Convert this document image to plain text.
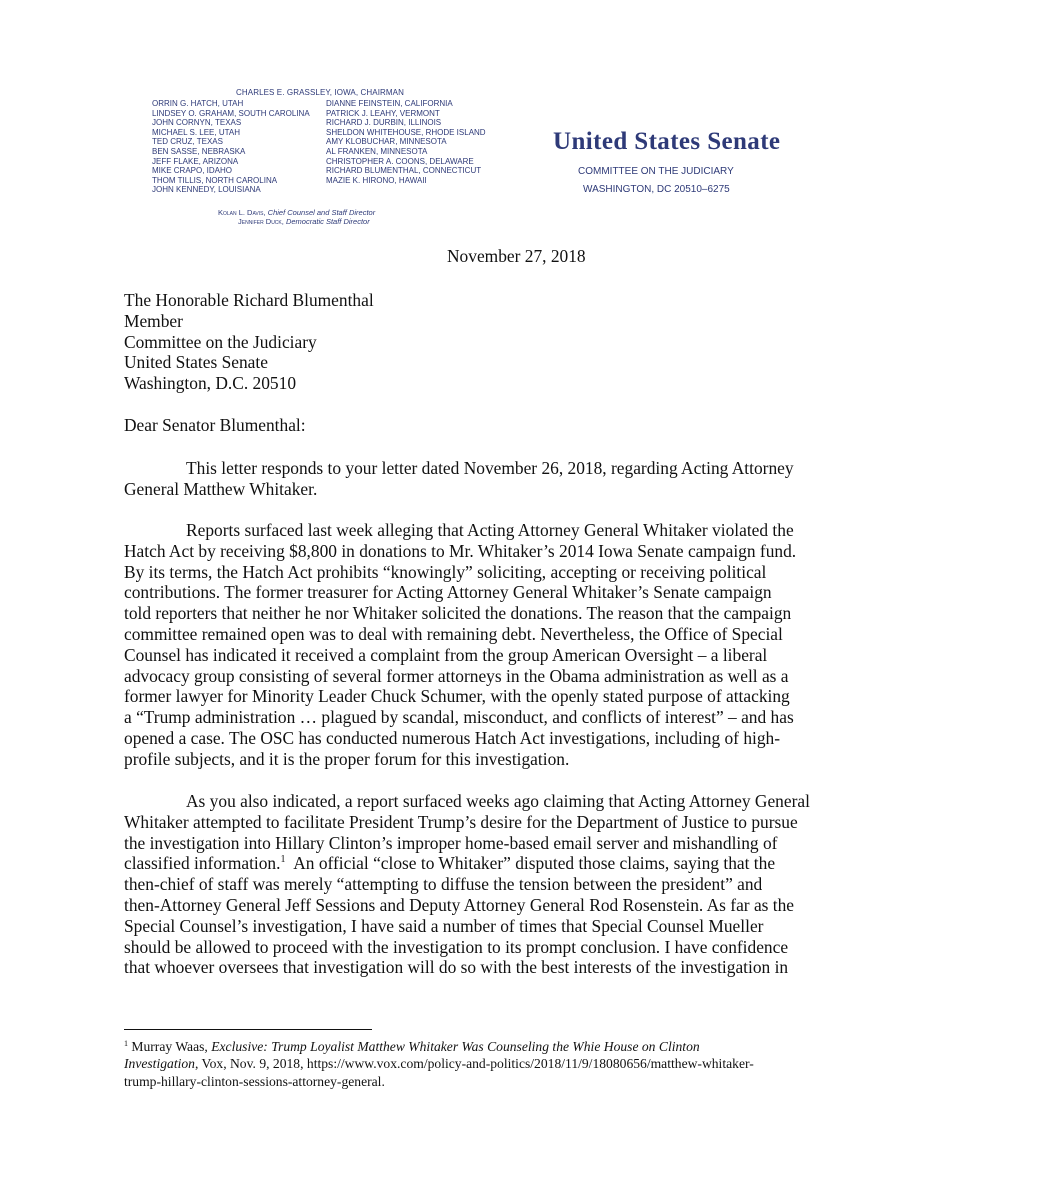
CHARLES E. GRASSLEY, IOWA, CHAIRMAN
ORRIN G. HATCH, UTAH
LINDSEY O. GRAHAM, SOUTH CAROLINA
JOHN CORNYN, TEXAS
MICHAEL S. LEE, UTAH
TED CRUZ, TEXAS
BEN SASSE, NEBRASKA
JEFF FLAKE, ARIZONA
MIKE CRAPO, IDAHO
THOM TILLIS, NORTH CAROLINA
JOHN KENNEDY, LOUISIANA
DIANNE FEINSTEIN, CALIFORNIA
PATRICK J. LEAHY, VERMONT
RICHARD J. DURBIN, ILLINOIS
SHELDON WHITEHOUSE, RHODE ISLAND
AMY KLOBUCHAR, MINNESOTA
AL FRANKEN, MINNESOTA
CHRISTOPHER A. COONS, DELAWARE
RICHARD BLUMENTHAL, CONNECTICUT
MAZIE K. HIRONO, HAWAII
Kolan L. Davis, Chief Counsel and Staff Director
Jennifer Duck, Democratic Staff Director
United States Senate
COMMITTEE ON THE JUDICIARY
WASHINGTON, DC 20510–6275
November 27, 2018
The Honorable Richard Blumenthal
Member
Committee on the Judiciary
United States Senate
Washington, D.C. 20510
Dear Senator Blumenthal:
This letter responds to your letter dated November 26, 2018, regarding Acting Attorney
General Matthew Whitaker.
Reports surfaced last week alleging that Acting Attorney General Whitaker violated the
Hatch Act by receiving $8,800 in donations to Mr. Whitaker’s 2014 Iowa Senate campaign fund.
By its terms, the Hatch Act prohibits “knowingly” soliciting, accepting or receiving political
contributions. The former treasurer for Acting Attorney General Whitaker’s Senate campaign
told reporters that neither he nor Whitaker solicited the donations. The reason that the campaign
committee remained open was to deal with remaining debt. Nevertheless, the Office of Special
Counsel has indicated it received a complaint from the group American Oversight – a liberal
advocacy group consisting of several former attorneys in the Obama administration as well as a
former lawyer for Minority Leader Chuck Schumer, with the openly stated purpose of attacking
a “Trump administration … plagued by scandal, misconduct, and conflicts of interest” – and has
opened a case. The OSC has conducted numerous Hatch Act investigations, including of high-
profile subjects, and it is the proper forum for this investigation.
As you also indicated, a report surfaced weeks ago claiming that Acting Attorney General
Whitaker attempted to facilitate President Trump’s desire for the Department of Justice to pursue
the investigation into Hillary Clinton’s improper home-based email server and mishandling of
classified information.$^1$  An official “close to Whitaker” disputed those claims, saying that the
then-chief of staff was merely “attempting to diffuse the tension between the president” and
then-Attorney General Jeff Sessions and Deputy Attorney General Rod Rosenstein. As far as the
Special Counsel’s investigation, I have said a number of times that Special Counsel Mueller
should be allowed to proceed with the investigation to its prompt conclusion. I have confidence
that whoever oversees that investigation will do so with the best interests of the investigation in
$^1$ Murray Waas, Exclusive: Trump Loyalist Matthew Whitaker Was Counseling the Whie House on Clinton
Investigation, Vox, Nov. 9, 2018, https://www.vox.com/policy-and-politics/2018/11/9/18080656/matthew-whitaker-
trump-hillary-clinton-sessions-attorney-general.
